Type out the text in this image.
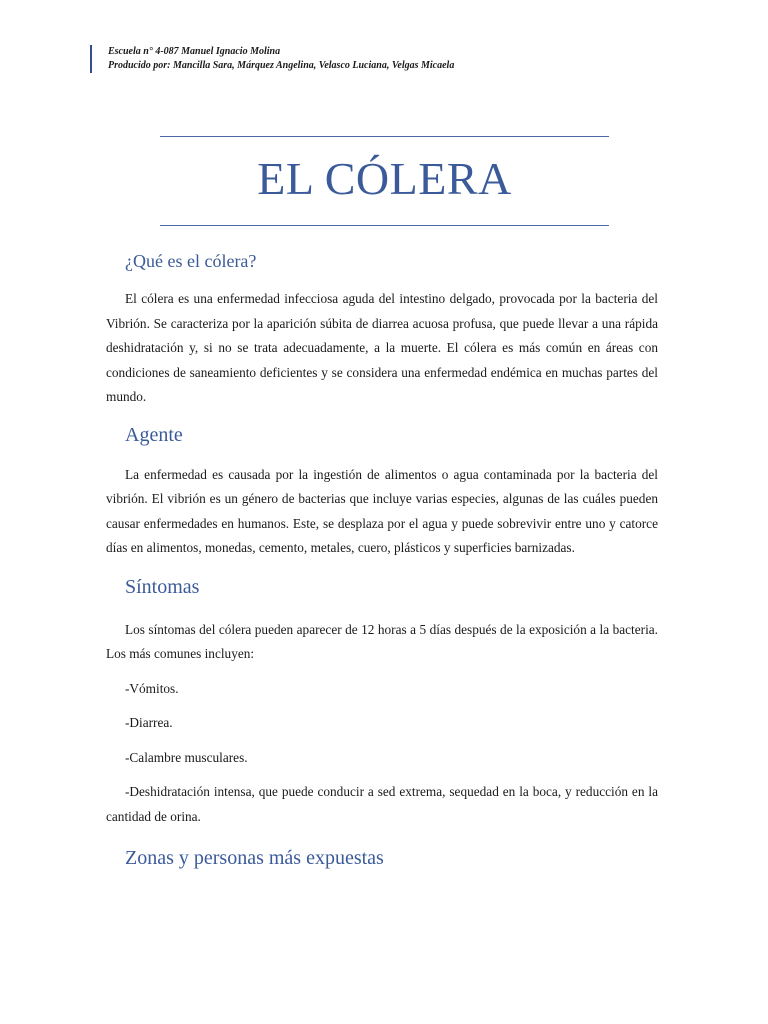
Escuela n° 4-087 Manuel Ignacio Molina
Producido por: Mancilla Sara, Márquez Angelina, Velasco Luciana, Velgas Micaela
EL CÓLERA
¿Qué es el cólera?

El cólera es una enfermedad infecciosa aguda del intestino delgado, provocada por la bacteria del Vibrión. Se caracteriza por la aparición súbita de diarrea acuosa profusa, que puede llevar a una rápida deshidratación y, si no se trata adecuadamente, a la muerte. El cólera es más común en áreas con condiciones de saneamiento deficientes y se considera una enfermedad endémica en muchas partes del mundo.

Agente

La enfermedad es causada por la ingestión de alimentos o agua contaminada por la bacteria del vibrión. El vibrión es un género de bacterias que incluye varias especies, algunas de las cuáles pueden causar enfermedades en humanos. Este, se desplaza por el agua y puede sobrevivir entre uno y catorce días en alimentos, monedas, cemento, metales, cuero, plásticos y superficies barnizadas.

Síntomas

Los síntomas del cólera pueden aparecer de 12 horas a 5 días después de la exposición a la bacteria. Los más comunes incluyen:

-Vómitos.

-Diarrea.

-Calambre musculares.

-Deshidratación intensa, que puede conducir a sed extrema, sequedad en la boca, y reducción en la cantidad de orina.

Zonas y personas más expuestas
